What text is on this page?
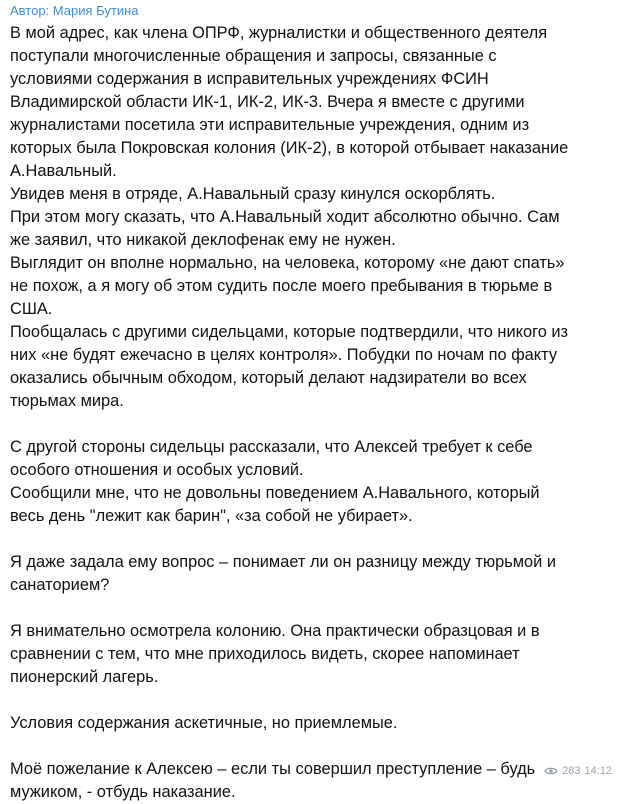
Автор: Мария Бутина
В мой адрес, как члена ОПРФ, журналистки и общественного деятеля
поступали многочисленные обращения и запросы, связанные с
условиями содержания в исправительных учреждениях ФСИН
Владимирской области ИК-1, ИК-2, ИК-3. Вчера я вместе с другими
журналистами посетила эти исправительные учреждения, одним из
которых была Покровская колония (ИК-2), в которой отбывает наказание
А.Навальный.
Увидев меня в отряде, А.Навальный сразу кинулся оскорблять.
При этом могу сказать, что А.Навальный ходит абсолютно обычно. Сам
же заявил, что никакой деклофенак ему не нужен.
Выглядит он вполне нормально, на человека, которому «не дают спать»
не похож, а я могу об этом судить после моего пребывания в тюрьме в
США.
Пообщалась с другими сидельцами, которые подтвердили, что никого из
них «не будят ежечасно в целях контроля». Побудки по ночам по факту
оказались обычным обходом, который делают надзиратели во всех
тюрьмах мира.
С другой стороны сидельцы рассказали, что Алексей требует к себе
особого отношения и особых условий.
Сообщили мне, что не довольны поведением А.Навального, который
весь день "лежит как барин", «за собой не убирает».
Я даже задала ему вопрос – понимает ли он разницу между тюрьмой и
санаторием?
Я внимательно осмотрела колонию. Она практически образцовая и в
сравнении с тем, что мне приходилось видеть, скорее напоминает
пионерский лагерь.
Условия содержания аскетичные, но приемлемые.
Моё пожелание к Алексею – если ты совершил преступление – будь
мужиком, - отбудь наказание.
283 14:12
